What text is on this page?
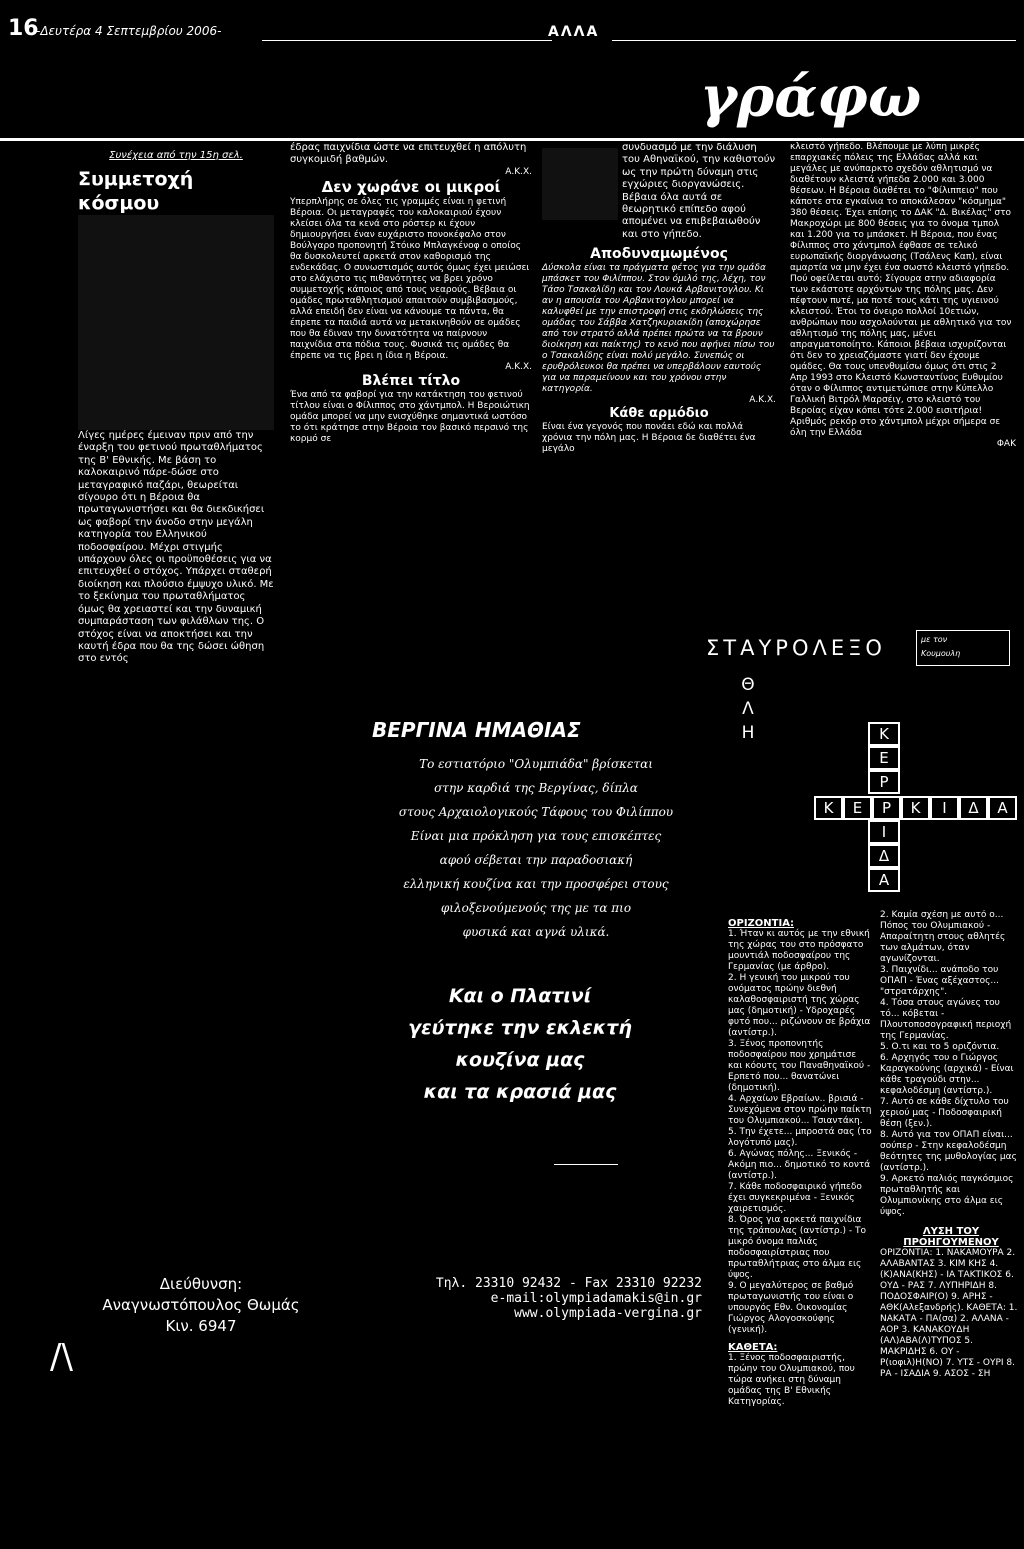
16
-Δευτέρα 4 Σεπτεμβρίου 2006-	ΑΛΛΑ
γράφω
Συνέχεια από την 15η σελ.
Συμμετοχή κόσμου

Λίγες ημέρες έμειναν πριν από την έναρξη του φετινού πρωταθλήματος της Β' Εθνικής. Με βάση το καλοκαιρινό πάρε-δώσε στο μεταγραφικό παζάρι, θεωρείται σίγουρο ότι η Βέροια θα πρωταγωνιστήσει και θα διεκδικήσει ως φαβορί την άνοδο στην μεγάλη κατηγορία του Ελληνικού ποδοσφαίρου. Μέχρι στιγμής υπάρχουν όλες οι προϋποθέσεις για να επιτευχθεί ο στόχος. Υπάρχει σταθερή διοίκηση και πλούσιο έμψυχο υλικό. Με το ξεκίνημα του πρωταθλήματος όμως θα χρειαστεί και την δυναμική συμπαράσταση των φιλάθλων της. Ο στόχος είναι να αποκτήσει και την καυτή έδρα που θα της δώσει ώθηση στο εντός

έδρας παιχνίδια ώστε να επιτευχθεί η απόλυτη συγκομιδή βαθμών.

Α.Κ.Χ.
Δεν χωράνε οι μικροί

Υπερπλήρης σε όλες τις γραμμές είναι η φετινή Βέροια. Οι μεταγραφές του καλοκαιριού έχουν κλείσει όλα τα κενά στο ρόστερ κι έχουν δημιουργήσει έναν ευχάριστο πονοκέφαλο στον Βούλγαρο προπονητή Στόικο Μπλαγκένοφ ο οποίος θα δυσκολευτεί αρκετά στον καθορισμό της ενδεκάδας. Ο συνωστισμός αυτός όμως έχει μειώσει στο ελάχιστο τις πιθανότητες να βρει χρόνο συμμετοχής κάποιος από τους νεαρούς. Βέβαια οι ομάδες πρωταθλητισμού απαιτούν συμβιβασμούς, αλλά επειδή δεν είναι να κάνουμε τα πάντα, θα έπρεπε τα παιδιά αυτά να μετακινηθούν σε ομάδες που θα έδιναν την δυνατότητα να παίρνουν παιχνίδια στα πόδια τους. Φυσικά τις ομάδες θα έπρεπε να τις βρει η ίδια η Βέροια.

Α.Κ.Χ.
Βλέπει τίτλο

Ένα από τα φαβορί για την κατάκτηση του φετινού τίτλου είναι ο Φίλιππος στο χάντμπολ. Η Βεροιώτικη ομάδα μπορεί να μην ενισχύθηκε σημαντικά ωστόσο το ότι κράτησε στην Βέροια τον βασικό περσινό της κορμό σε

συνδυασμό με την διάλυση του Αθηναϊκού, την καθιστούν ως την πρώτη δύναμη στις εγχώριες διοργανώσεις. Βέβαια όλα αυτά σε θεωρητικό επίπεδο αφού απομένει να επιβεβαιωθούν και στο γήπεδο.

Αποδυναμωμένος

Δύσκολα είναι τα πράγματα φέτος για την ομάδα μπάσκετ του Φιλίππου. Στον όμιλό της, λέχη, τον Τάσο Τσακαλίδη και τον Λουκά Αρβανιτογλου. Κι αν η απουσία του Αρβανιτογλου μπορεί να καλυφθεί με την επιστροφή στις εκδηλώσεις της ομάδας του Σάββα Χατζηκυριακίδη (αποχώρησε από τον στρατό αλλά πρέπει πρώτα να τα βρουν διοίκηση και παίκτης) το κενό που αφήνει πίσω του ο Τσακαλίδης είναι πολύ μεγάλο. Συνεπώς οι ερυθρόλευκοι θα πρέπει να υπερβάλουν εαυτούς για να παραμείνουν και του χρόνου στην κατηγορία.

Α.Κ.Χ.
Κάθε αρμόδιο

Είναι ένα γεγονός που πονάει εδώ και πολλά χρόνια την πόλη μας. Η Βέροια δε διαθέτει ένα μεγάλο

κλειστό γήπεδο. Βλέπουμε με λύπη μικρές επαρχιακές πόλεις της Ελλάδας αλλά και μεγάλες με ανύπαρκτο σχεδόν αθλητισμό να διαθέτουν κλειστά γήπεδα 2.000 και 3.000 θέσεων. Η Βέροια διαθέτει το "Φίλιππειο" που κάποτε στα εγκαίνια το αποκάλεσαν "κόσμημα" 380 θέσεις. Έχει επίσης το ΔΑΚ "Δ. Βικέλας" στο Μακροχώρι με 800 θέσεις για το όνομα τμπολ και 1.200 για το μπάσκετ. Η Βέροια, που ένας Φίλιππος στο χάντμπολ έφθασε σε τελικό ευρωπαϊκής διοργάνωσης (Τσάλενς Καπ), είναι αμαρτία να μην έχει ένα σωστό κλειστό γήπεδο. Πού οφείλεται αυτό; Σίγουρα στην αδιαφορία των εκάστοτε αρχόντων της πόλης μας. Δεν πέφτουν πυτέ, μα ποτέ τους κάτι της υγιεινού κλειστού. Έτοι το όνειρο πολλοί 10ετιών, ανθρώπων που ασχολούνται με αθλητικό για τον αθλητισμό της πόλης μας, μένει απραγματοποίητο. Κάποιοι βέβαια ισχυρίζονται ότι δεν το χρειαζόμαστε γιατί δεν έχουμε ομάδες. Θα τους υπενθυμίσω όμως ότι στις 2 Απρ 1993 στο Κλειστό Κωνσταντίνος Ευθυμίου όταν ο Φίλιππος αντιμετώπισε στην Κύπελλο Γαλλική Βιτρόλ Μαρσέιγ, στο κλειστό του Βεροίας είχαν κόπει τότε 2.000 εισιτήρια! Αριθμός ρεκόρ στο χάντμπολ μέχρι σήμερα σε όλη την Ελλάδα

ΦΑΚ
ΒΕΡΓΙΝΑ ΗΜΑΘΙΑΣ
Το εστιατόριο "Ολυμπιάδα" βρίσκεται
στην καρδιά της Βεργίνας, δίπλα
στους Αρχαιολογικούς Τάφους του Φιλίππου
Είναι μια πρόκληση για τους επισκέπτες
αφού σέβεται την παραδοσιακή
ελληνική κουζίνα και την προσφέρει στους
φιλοξενούμενούς της με τα πιο
φυσικά και αγνά υλικά.
Και ο Πλατινί
γεύτηκε την εκλεκτή
κουζίνα μας
και τα κρασιά μας
Διεύθυνση:
Αναγνωστόπουλος Θωμάς
Κιν. 6947
/\
Τηλ. 23310 92432 - Fax 23310 92232
e-mail:olympiadamakis@in.gr
www.olympiada-vergina.gr
ΣΤΑΥΡΟΛΕΞΟ	με τον
Κουμουλη
Θ
Λ
Η	Κ Ε Ρ
Κ	Ε	Ρ	Κ	Ι	Δ	Α
Ι Δ Α
ΟΡΙΖΟΝΤΙΑ:
1. Ήταν κι αυτός με την εθνική της χώρας του στο πρόσφατο μουντιάλ ποδοσφαίρου της Γερμανίας (με άρθρο).
2. Η γενική του μικρού του ονόματος πρώην διεθνή καλαθοσφαιριστή της χώρας μας (δημοτική) - Υδροχαρές φυτό που... ριζώνουν σε βράχια (αντίστρ.).
3. Ξένος προπονητής ποδοσφαίρου που χρημάτισε και κόουτς του Παναθηναϊκού - Ερπετό που... θανατώνει (δημοτική).
4. Αρχαίων Εβραίων.. βρισιά - Συνεχόμενα στον πρώην παίκτη του Ολυμπιακού... Τσιαντάκη.
5. Την έχετε... μπροστά σας (το λογότυπό μας).
6. Αγώνας πόλης... Ξενικός - Ακόμη πιο... δημοτικό το κοντά (αντίστρ.).
7. Κάθε ποδοσφαιρικό γήπεδο έχει συγκεκριμένα - Ξενικός χαιρετισμός.
8. Όρος για αρκετά παιχνίδια της τράπουλας (αντίστρ.) - Το μικρό όνομα παλιάς ποδοσφαιρίστριας που πρωταθλήτριας στο άλμα εις ύψος.
9. Ο μεγαλύτερος σε βαθμό πρωταγωνιστής του είναι ο υπουργός Εθν. Οικονομίας Γιώργος Αλογοσκούφης (γενική).
ΚΑΘΕΤΑ:
1. Ξένος ποδοσφαιριστής, πρώην του Ολυμπιακού, που τώρα ανήκει στη δύναμη ομάδας της Β' Εθνικής Κατηγορίας.
2. Καμία σχέση με αυτό ο... Πόπος του Ολυμπιακού - Απαραίτητη στους αθλητές των αλμάτων, όταν αγωνίζονται.
3. Παιχνίδι... ανάποδο του ΟΠΑΠ - Ένας αξέχαστος... "στρατάρχης".
4. Τόσα στους αγώνες του τό... κόβεται - Πλουτοποσογραφική περιοχή της Γερμανίας.
5. Ο.τι και το 5 οριζόντια.
6. Αρχηγός του ο Γιώργος Καραγκούνης (αρχικά) - Είναι κάθε τραγούδι στην... κεφαλοδέσμη (αντίστρ.).
7. Αυτό σε κάθε δίχτυλο του χεριού μας - Ποδοσφαιρική θέση (ξεν.).
8. Αυτό για τον ΟΠΑΠ είναι... σούπερ - Στην κεφαλοδέσμη θεότητες της μυθολογίας μας (αντίστρ.).
9. Αρκετό παλιός παγκόσμιος πρωταθλητής και Ολυμπιονίκης στο άλμα εις ύψος.
ΛΥΣΗ ΤΟΥ ΠΡΟΗΓΟΥΜΕΝΟΥ

ΟΡΙΖΟΝΤΙΑ: 1. ΝΑΚΑΜΟΥΡΑ 2. ΑΛΑΒΑΝΤΑΣ 3. ΚΙΜ ΚΗΣ 4. (Κ)ΑΝΑ(ΚΗΣ) - ΙΑ ΤΑΚΤΙΚΟΣ 6. ΟΥΔ - ΡΑΣ 7. ΛΥΠΗΡΙΔΗ 8. ΠΟΔΟΣΦΑΙΡ(Ο) 9. ΑΡΗΣ - ΑΘΚ(Αλεξανδρής). ΚΑΘΕΤΑ: 1. ΝΑΚΑΤΑ - ΠΑ(σα) 2. ΑΛΑΝΑ - ΑΟΡ 3. ΚΑΝΑΚΟΥΔΗ (ΑΛ)ΑΒΑ(Λ)ΤΥΠΟΣ 5. ΜΑΚΡΙΔΗΣ 6. ΟΥ - Ρ(ιοφιλ)Η(ΝΟ) 7. ΥΤΣ - ΟΥΡΙ 8. ΡΑ - ΙΣΑΔΙΑ 9. ΑΣΟΣ - ΣΗ
